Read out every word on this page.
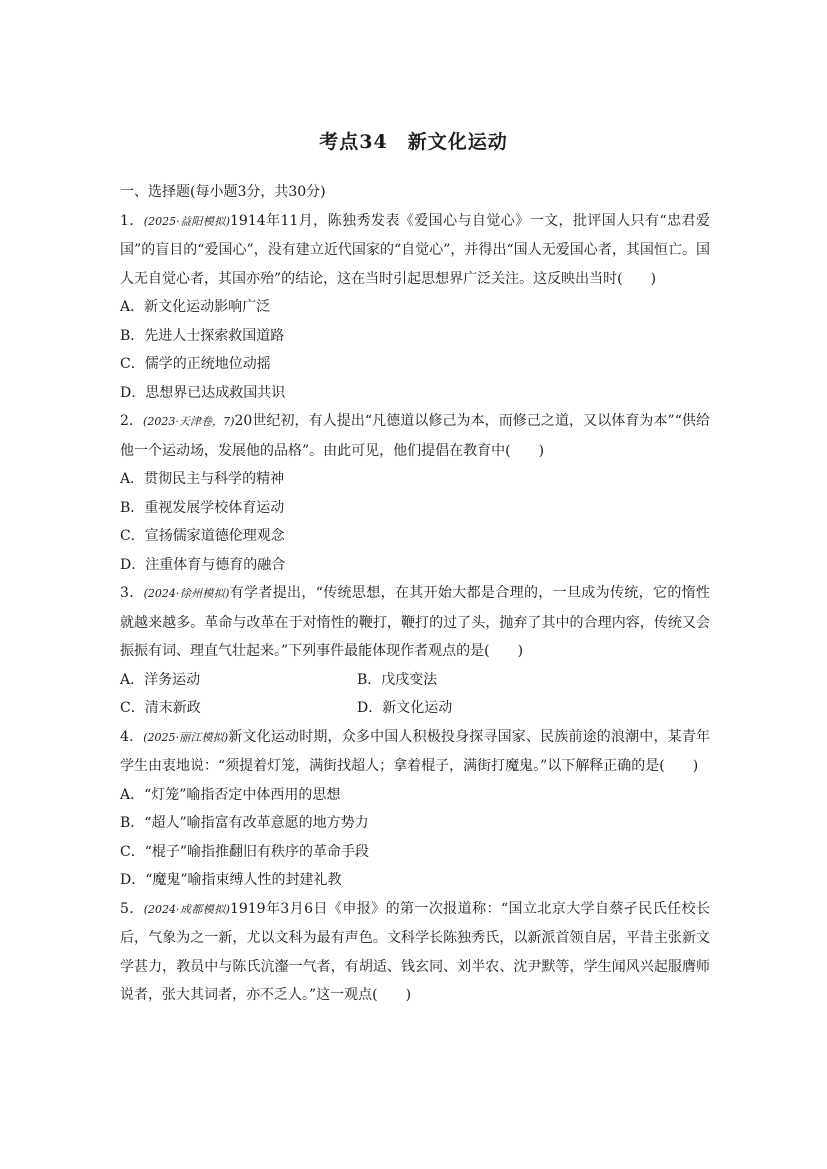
考点34　新文化运动
一、选择题(每小题3分，共30分)
1．(2025·益阳模拟)1914年11月，陈独秀发表《爱国心与自觉心》一文，批评国人只有“忠君爱国”的盲目的“爱国心”，没有建立近代国家的“自觉心”，并得出“国人无爱国心者，其国恒亡。国人无自觉心者，其国亦殆”的结论，这在当时引起思想界广泛关注。这反映出当时(　　)
A．新文化运动影响广泛
B．先进人士探索救国道路
C．儒学的正统地位动摇
D．思想界已达成救国共识
2．(2023·天津卷，7)20世纪初，有人提出“凡德道以修己为本，而修己之道，又以体育为本”“供给他一个运动场，发展他的品格”。由此可见，他们提倡在教育中(　　)
A．贯彻民主与科学的精神
B．重视发展学校体育运动
C．宣扬儒家道德伦理观念
D．注重体育与德育的融合
3．(2024·徐州模拟)有学者提出，“传统思想，在其开始大都是合理的，一旦成为传统，它的惰性就越来越多。革命与改革在于对惰性的鞭打，鞭打的过了头，抛弃了其中的合理内容，传统又会振振有词、理直气壮起来。”下列事件最能体现作者观点的是(　　)
A．洋务运动	B．戊戌变法
C．清末新政	D．新文化运动
4．(2025·丽江模拟)新文化运动时期，众多中国人积极投身探寻国家、民族前途的浪潮中，某青年学生由衷地说：“须提着灯笼，满街找超人；拿着棍子，满街打魔鬼。”以下解释正确的是(　　)
A．“灯笼”喻指否定中体西用的思想
B．“超人”喻指富有改革意愿的地方势力
C．“棍子”喻指推翻旧有秩序的革命手段
D．“魔鬼”喻指束缚人性的封建礼教
5．(2024·成都模拟)1919年3月6日《申报》的第一次报道称：“国立北京大学自蔡孑民氏任校长后，气象为之一新，尤以文科为最有声色。文科学长陈独秀氏，以新派首领自居，平昔主张新文学甚力，教员中与陈氏沆瀣一气者，有胡适、钱玄同、刘半农、沈尹默等，学生闻风兴起服膺师说者，张大其词者，亦不乏人。”这一观点(　　)
